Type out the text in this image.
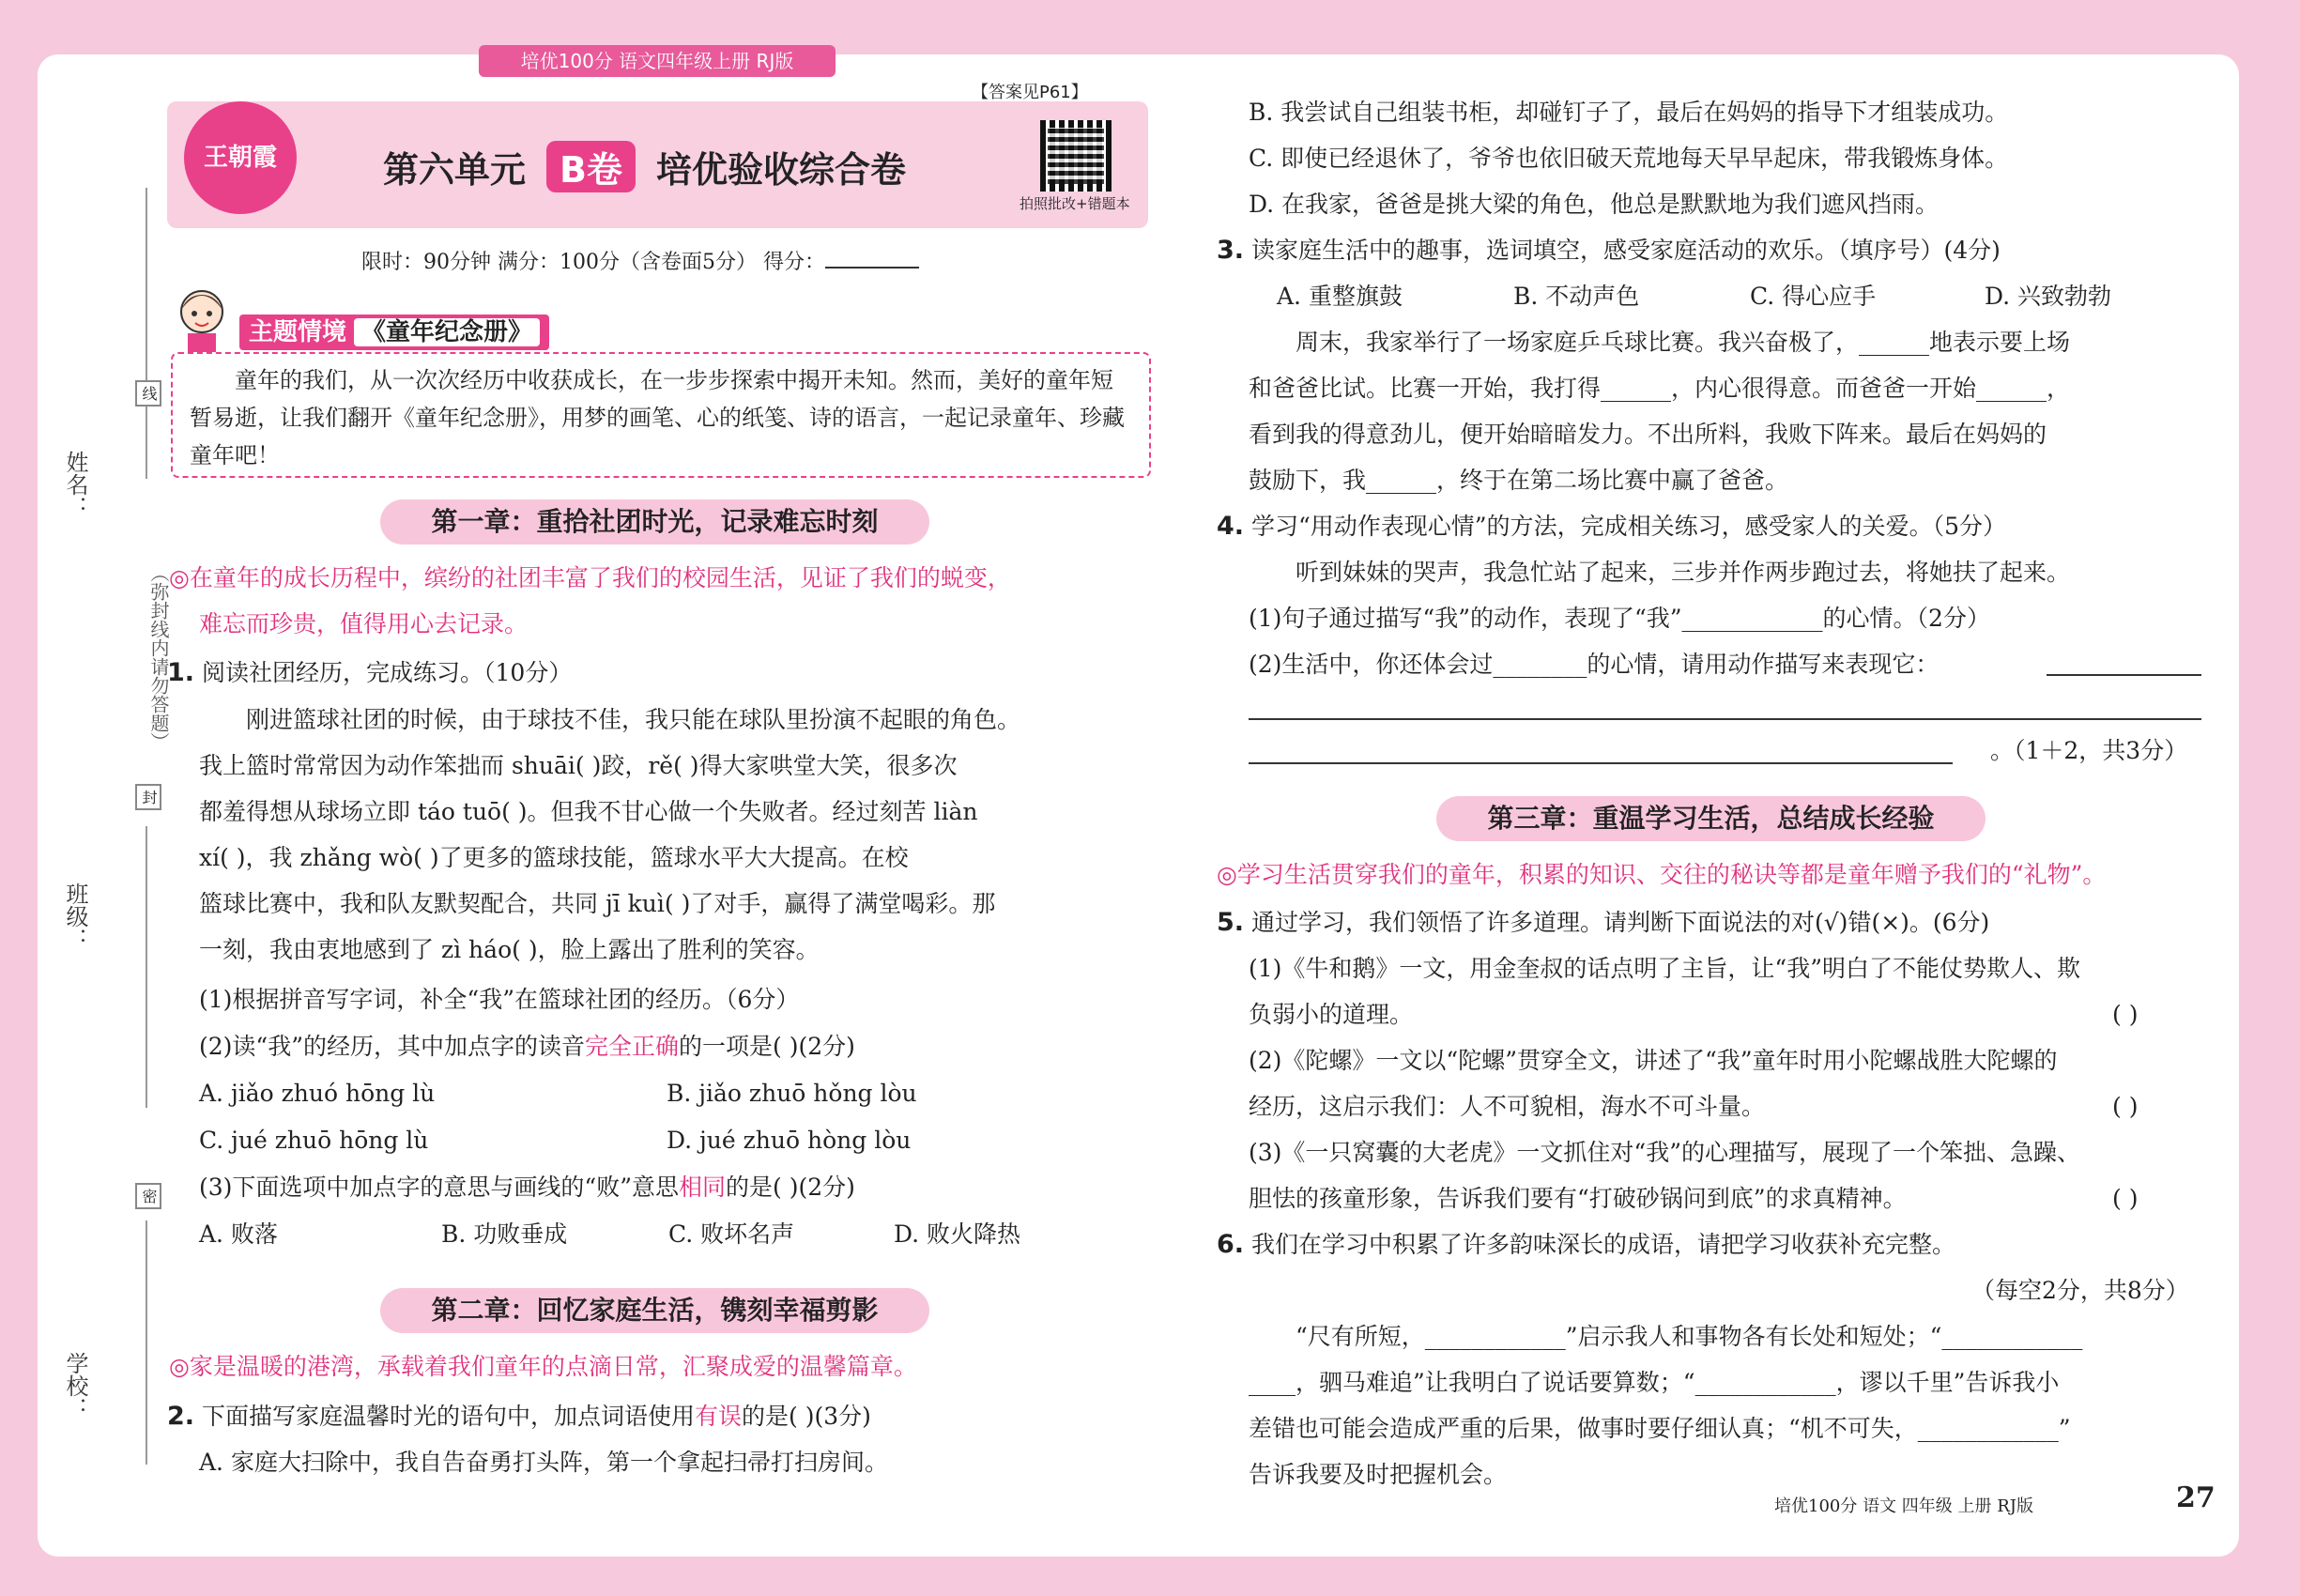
培优100分 语文四年级上册 RJ版
线
姓名：
（弥封线内请勿答题）
封
班级：
密
学校：
王朝霞	第六单元 B卷 培优验收综合卷
【答案见P61】
拍照批改+错题本
限时：90分钟 满分：100分（含卷面5分） 得分：
主题情境 《童年纪念册》

童年的我们，从一次次经历中收获成长，在一步步探索中揭开未知。然而，美好的童年短暂易逝，让我们翻开《童年纪念册》，用梦的画笔、心的纸笺、诗的语言，一起记录童年、珍藏童年吧！

第一章：重拾社团时光，记录难忘时刻
◎在童年的成长历程中，缤纷的社团丰富了我们的校园生活，见证了我们的蜕变，
难忘而珍贵，值得用心去记录。
1. 阅读社团经历，完成练习。（10分）
刚进篮球社团的时候，由于球技不佳，我只能在球队里扮演不起眼的角色。
我上篮时常常因为动作笨拙而 shuāi( )跤，rě( )得大家哄堂大笑，很多次
都羞得想从球场立即 táo tuō( )。但我不甘心做一个失败者。经过刻苦 liàn
xí( )，我 zhǎng wò( )了更多的篮球技能，篮球水平大大提高。在校
篮球比赛中，我和队友默契配合，共同 jī kuì( )了对手，赢得了满堂喝彩。那
一刻，我由衷地感到了 zì háo( )，脸上露出了胜利的笑容。
(1)根据拼音写字词，补全“我”在篮球社团的经历。（6分）
(2)读“我”的经历，其中加点字的读音完全正确的一项是( )(2分)
A. jiǎo zhuó hōng lù	B. jiǎo zhuō hǒng lòu
C. jué zhuō hōng lù	D. jué zhuō hòng lòu
(3)下面选项中加点字的意思与画线的“败”意思相同的是( )(2分)
A. 败落	B. 功败垂成	C. 败坏名声	D. 败火降热
第二章：回忆家庭生活，镌刻幸福剪影
◎家是温暖的港湾，承载着我们童年的点滴日常，汇聚成爱的温馨篇章。
2. 下面描写家庭温馨时光的语句中，加点词语使用有误的是( )(3分)
A. 家庭大扫除中，我自告奋勇打头阵，第一个拿起扫帚打扫房间。
B. 我尝试自己组装书柜，却碰钉子了，最后在妈妈的指导下才组装成功。
C. 即使已经退休了，爷爷也依旧破天荒地每天早早起床，带我锻炼身体。
D. 在我家，爸爸是挑大梁的角色，他总是默默地为我们遮风挡雨。
3. 读家庭生活中的趣事，选词填空，感受家庭活动的欢乐。（填序号）(4分)
A. 重整旗鼓	B. 不动声色	C. 得心应手	D. 兴致勃勃
周末，我家举行了一场家庭乒乓球比赛。我兴奋极了，______地表示要上场
和爸爸比试。比赛一开始，我打得______，内心很得意。而爸爸一开始______，
看到我的得意劲儿，便开始暗暗发力。不出所料，我败下阵来。最后在妈妈的
鼓励下，我______，终于在第二场比赛中赢了爸爸。
4. 学习“用动作表现心情”的方法，完成相关练习，感受家人的关爱。（5分）
听到妹妹的哭声，我急忙站了起来，三步并作两步跑过去，将她扶了起来。
(1)句子通过描写“我”的动作，表现了“我”____________的心情。（2分）
(2)生活中，你还体会过________的心情，请用动作描写来表现它：
。（1＋2，共3分）
第三章：重温学习生活，总结成长经验
◎学习生活贯穿我们的童年，积累的知识、交往的秘诀等都是童年赠予我们的“礼物”。
5. 通过学习，我们领悟了许多道理。请判断下面说法的对(√)错(×)。(6分)
(1)《牛和鹅》一文，用金奎叔的话点明了主旨，让“我”明白了不能仗势欺人、欺
负弱小的道理。	( )
(2)《陀螺》一文以“陀螺”贯穿全文，讲述了“我”童年时用小陀螺战胜大陀螺的
经历，这启示我们：人不可貌相，海水不可斗量。	( )
(3)《一只窝囊的大老虎》一文抓住对“我”的心理描写，展现了一个笨拙、急躁、
胆怯的孩童形象，告诉我们要有“打破砂锅问到底”的求真精神。	( )
6. 我们在学习中积累了许多韵味深长的成语，请把学习收获补充完整。
（每空2分，共8分）
“尺有所短，____________”启示我人和事物各有长处和短处；“____________
____，驷马难追”让我明白了说话要算数；“____________，谬以千里”告诉我小
差错也可能会造成严重的后果，做事时要仔细认真；“机不可失，____________”
告诉我要及时把握机会。
培优100分 语文 四年级 上册 RJ版	27
